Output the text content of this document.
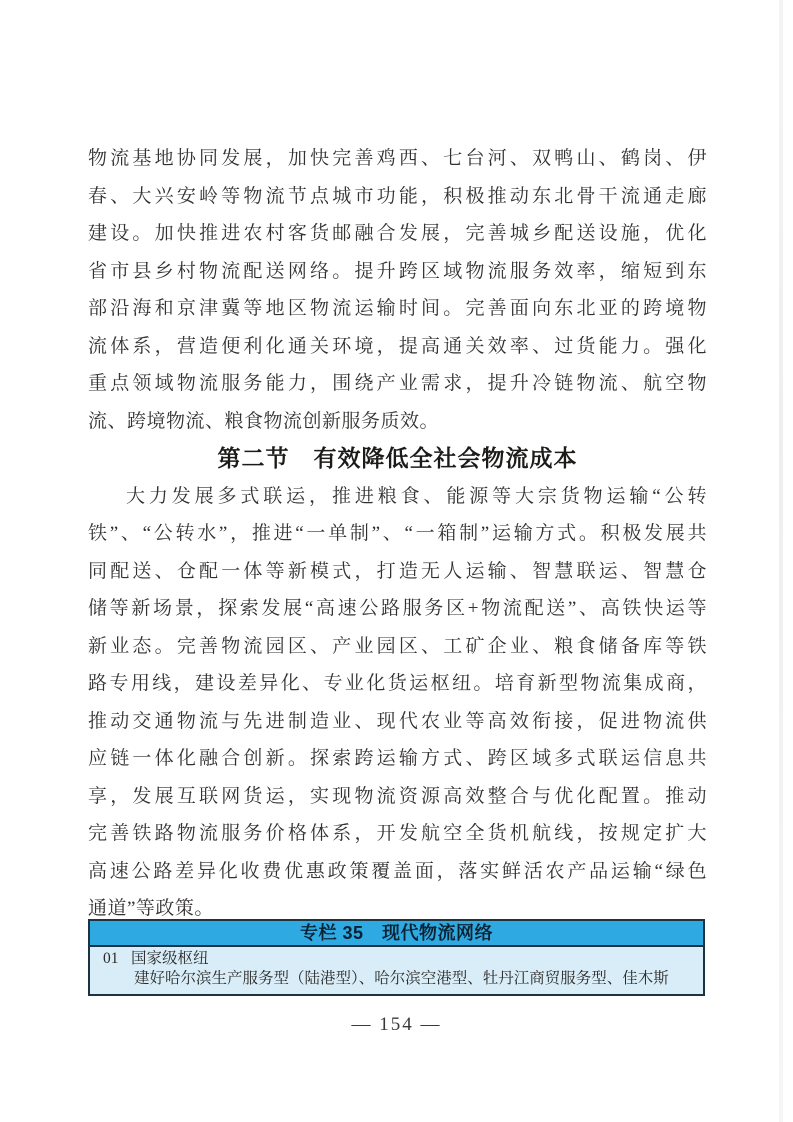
物流基地协同发展，加快完善鸡西、七台河、双鸭山、鹤岗、伊
春、大兴安岭等物流节点城市功能，积极推动东北骨干流通走廊
建设。加快推进农村客货邮融合发展，完善城乡配送设施，优化
省市县乡村物流配送网络。提升跨区域物流服务效率，缩短到东
部沿海和京津冀等地区物流运输时间。完善面向东北亚的跨境物
流体系，营造便利化通关环境，提高通关效率、过货能力。强化
重点领域物流服务能力，围绕产业需求，提升冷链物流、航空物
流、跨境物流、粮食物流创新服务质效。
第二节　有效降低全社会物流成本
大力发展多式联运，推进粮食、能源等大宗货物运输“公转
铁”、“公转水”，推进“一单制”、“一箱制”运输方式。积极发展共
同配送、仓配一体等新模式，打造无人运输、智慧联运、智慧仓
储等新场景，探索发展“高速公路服务区+物流配送”、高铁快运等
新业态。完善物流园区、产业园区、工矿企业、粮食储备库等铁
路专用线，建设差异化、专业化货运枢纽。培育新型物流集成商，
推动交通物流与先进制造业、现代农业等高效衔接，促进物流供
应链一体化融合创新。探索跨运输方式、跨区域多式联运信息共
享，发展互联网货运，实现物流资源高效整合与优化配置。推动
完善铁路物流服务价格体系，开发航空全货机航线，按规定扩大
高速公路差异化收费优惠政策覆盖面，落实鲜活农产品运输“绿色
通道”等政策。
专栏 35　现代物流网络
01 国家级枢纽
建好哈尔滨生产服务型（陆港型）、哈尔滨空港型、牡丹江商贸服务型、佳木斯
— 154 —
